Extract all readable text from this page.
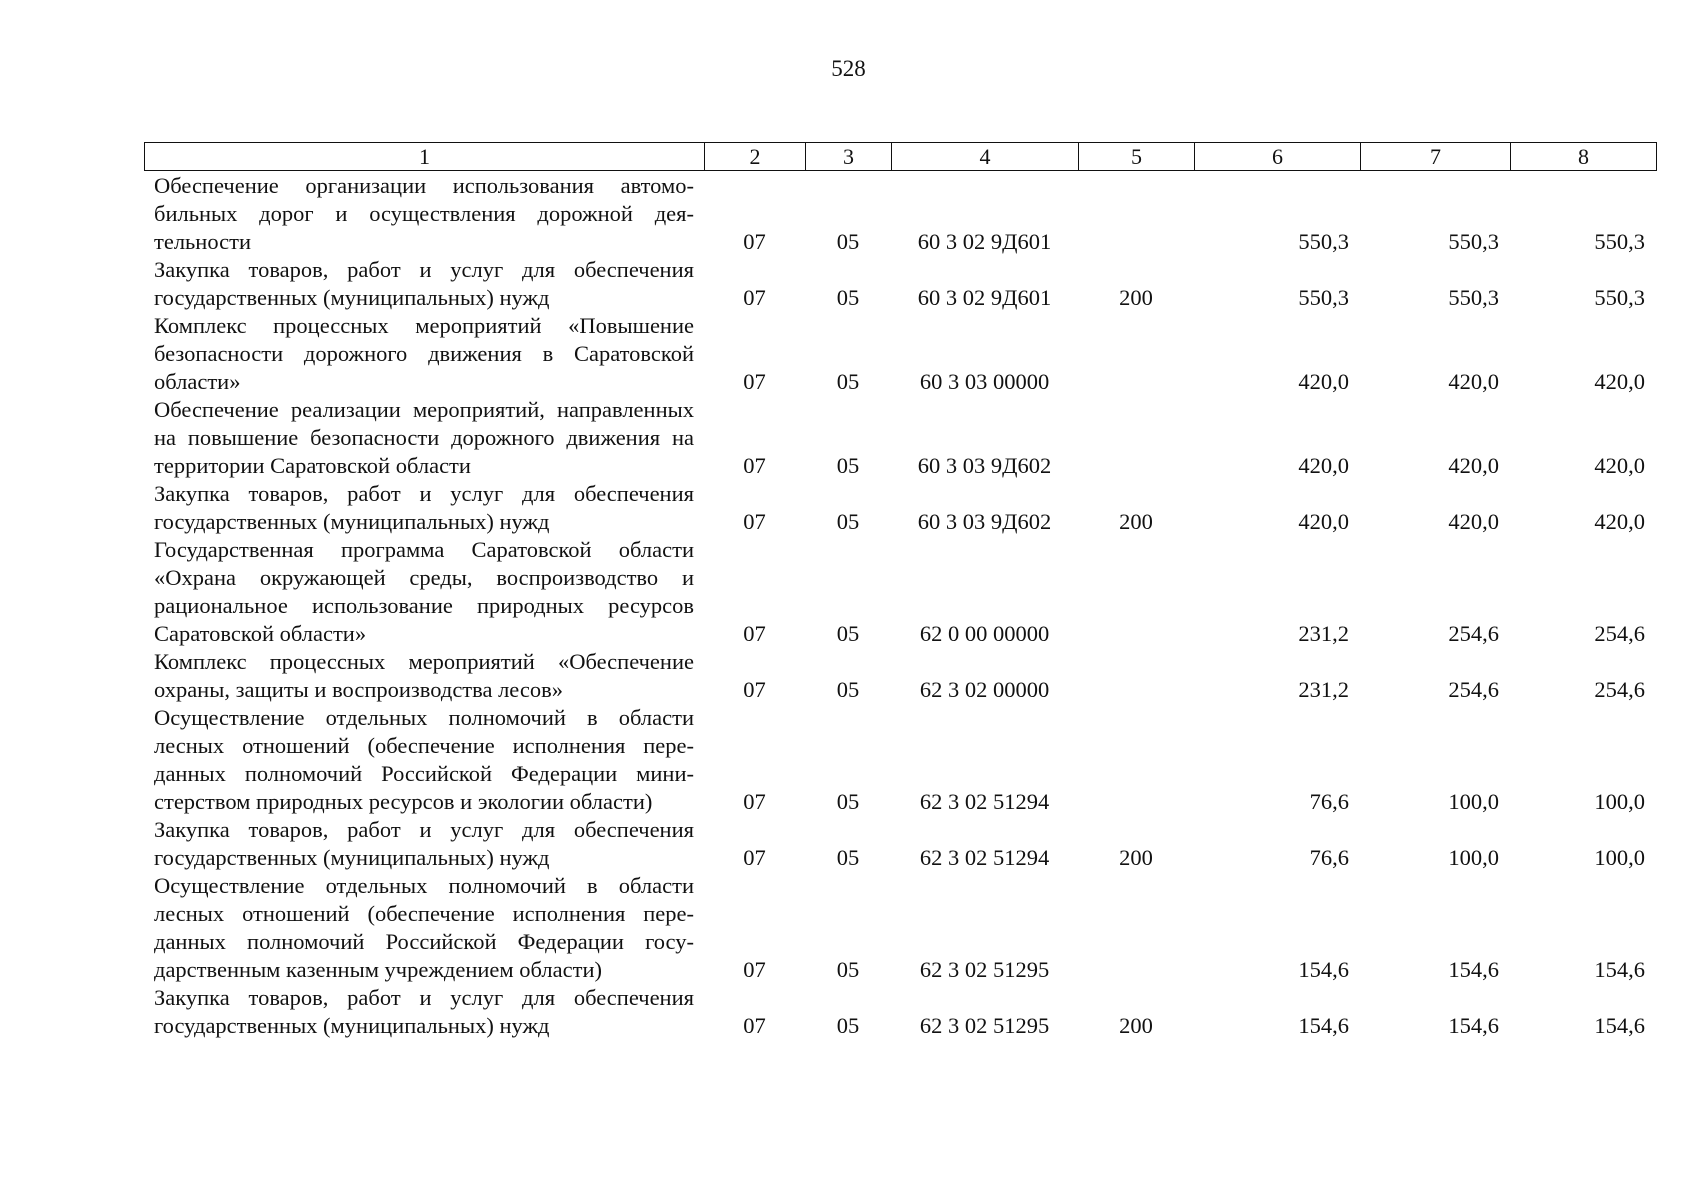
528
1	2	3	4	5	6	7	8
Обеспечение организации использования автомобильных дорог и осуществления дорожной деятельности	07	05	60 3 02 9Д601		550,3	550,3	550,3
Закупка товаров, работ и услуг для обеспечения государственных (муниципальных) нужд	07	05	60 3 02 9Д601	200	550,3	550,3	550,3
Комплекс процессных мероприятий «Повышение безопасности дорожного движения в Саратовской области»	07	05	60 3 03 00000		420,0	420,0	420,0
Обеспечение реализации мероприятий, направленных на повышение безопасности дорожного движения на территории Саратовской области	07	05	60 3 03 9Д602		420,0	420,0	420,0
Закупка товаров, работ и услуг для обеспечения государственных (муниципальных) нужд	07	05	60 3 03 9Д602	200	420,0	420,0	420,0
Государственная программа Саратовской области «Охрана окружающей среды, воспроизводство и рациональное использование природных ресурсов Саратовской области»	07	05	62 0 00 00000		231,2	254,6	254,6
Комплекс процессных мероприятий «Обеспечение охраны, защиты и воспроизводства лесов»	07	05	62 3 02 00000		231,2	254,6	254,6
Осуществление отдельных полномочий в области лесных отношений (обеспечение исполнения переданных полномочий Российской Федерации министерством природных ресурсов и экологии области)	07	05	62 3 02 51294		76,6	100,0	100,0
Закупка товаров, работ и услуг для обеспечения государственных (муниципальных) нужд	07	05	62 3 02 51294	200	76,6	100,0	100,0
Осуществление отдельных полномочий в области лесных отношений (обеспечение исполнения переданных полномочий Российской Федерации государственным казенным учреждением области)	07	05	62 3 02 51295		154,6	154,6	154,6
Закупка товаров, работ и услуг для обеспечения государственных (муниципальных) нужд	07	05	62 3 02 51295	200	154,6	154,6	154,6
